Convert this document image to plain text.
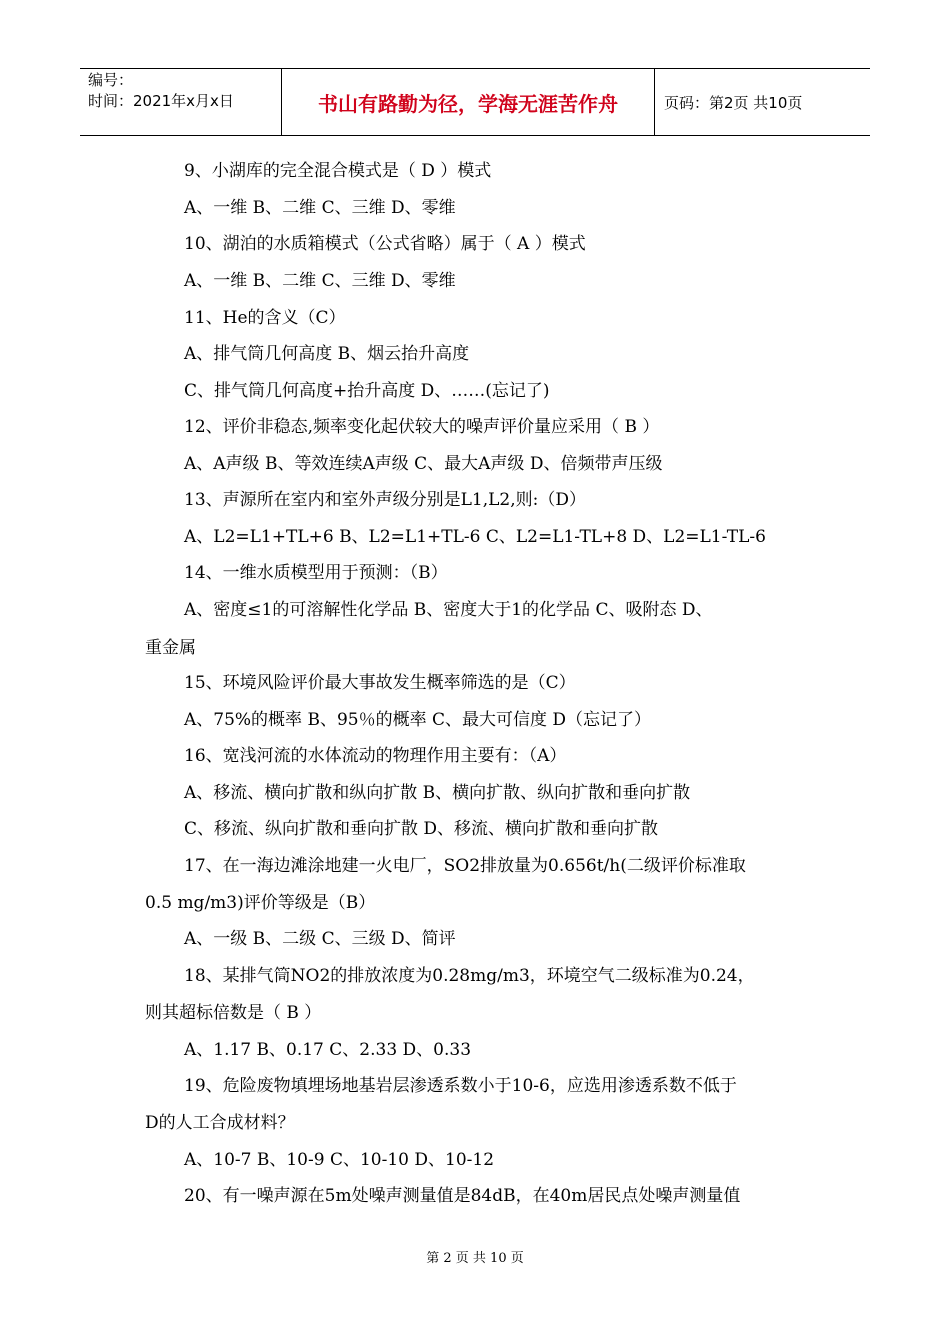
编号：
时间：2021年x月x日	书山有路勤为径，学海无涯苦作舟	页码：第2页 共10页
9、小湖库的完全混合模式是（ D ）模式
A、一维 B、二维 C、三维 D、零维
10、湖泊的水质箱模式（公式省略）属于（ A ）模式
A、一维 B、二维 C、三维 D、零维
11、He的含义（C）
A、排气筒几何高度 B、烟云抬升高度
C、排气筒几何高度+抬升高度 D、……(忘记了)
12、评价非稳态,频率变化起伏较大的噪声评价量应采用（ B ）
A、A声级 B、等效连续A声级 C、最大A声级 D、倍频带声压级
13、声源所在室内和室外声级分别是L1,L2,则:（D）
A、L2=L1+TL+6 B、L2=L1+TL-6 C、L2=L1-TL+8 D、L2=L1-TL-6
14、一维水质模型用于预测：（B）
A、密度≤1的可溶解性化学品 B、密度大于1的化学品 C、吸附态 D、
重金属
15、环境风险评价最大事故发生概率筛选的是（C）
A、75%的概率 B、95％的概率 C、最大可信度 D（忘记了）
16、宽浅河流的水体流动的物理作用主要有：（A）
A、移流、横向扩散和纵向扩散 B、横向扩散、纵向扩散和垂向扩散
C、移流、纵向扩散和垂向扩散 D、移流、横向扩散和垂向扩散
17、在一海边滩涂地建一火电厂，SO2排放量为0.656t/h(二级评价标准取
0.5 mg/m3)评价等级是（B）
A、一级 B、二级 C、三级 D、简评
18、某排气筒NO2的排放浓度为0.28mg/m3，环境空气二级标准为0.24，
则其超标倍数是（ B ）
A、1.17 B、0.17 C、2.33 D、0.33
19、危险废物填埋场地基岩层渗透系数小于10-6，应选用渗透系数不低于
D的人工合成材料？
A、10-7 B、10-9 C、10-10 D、10-12
20、有一噪声源在5m处噪声测量值是84dB，在40m居民点处噪声测量值
第 2 页 共 10 页
